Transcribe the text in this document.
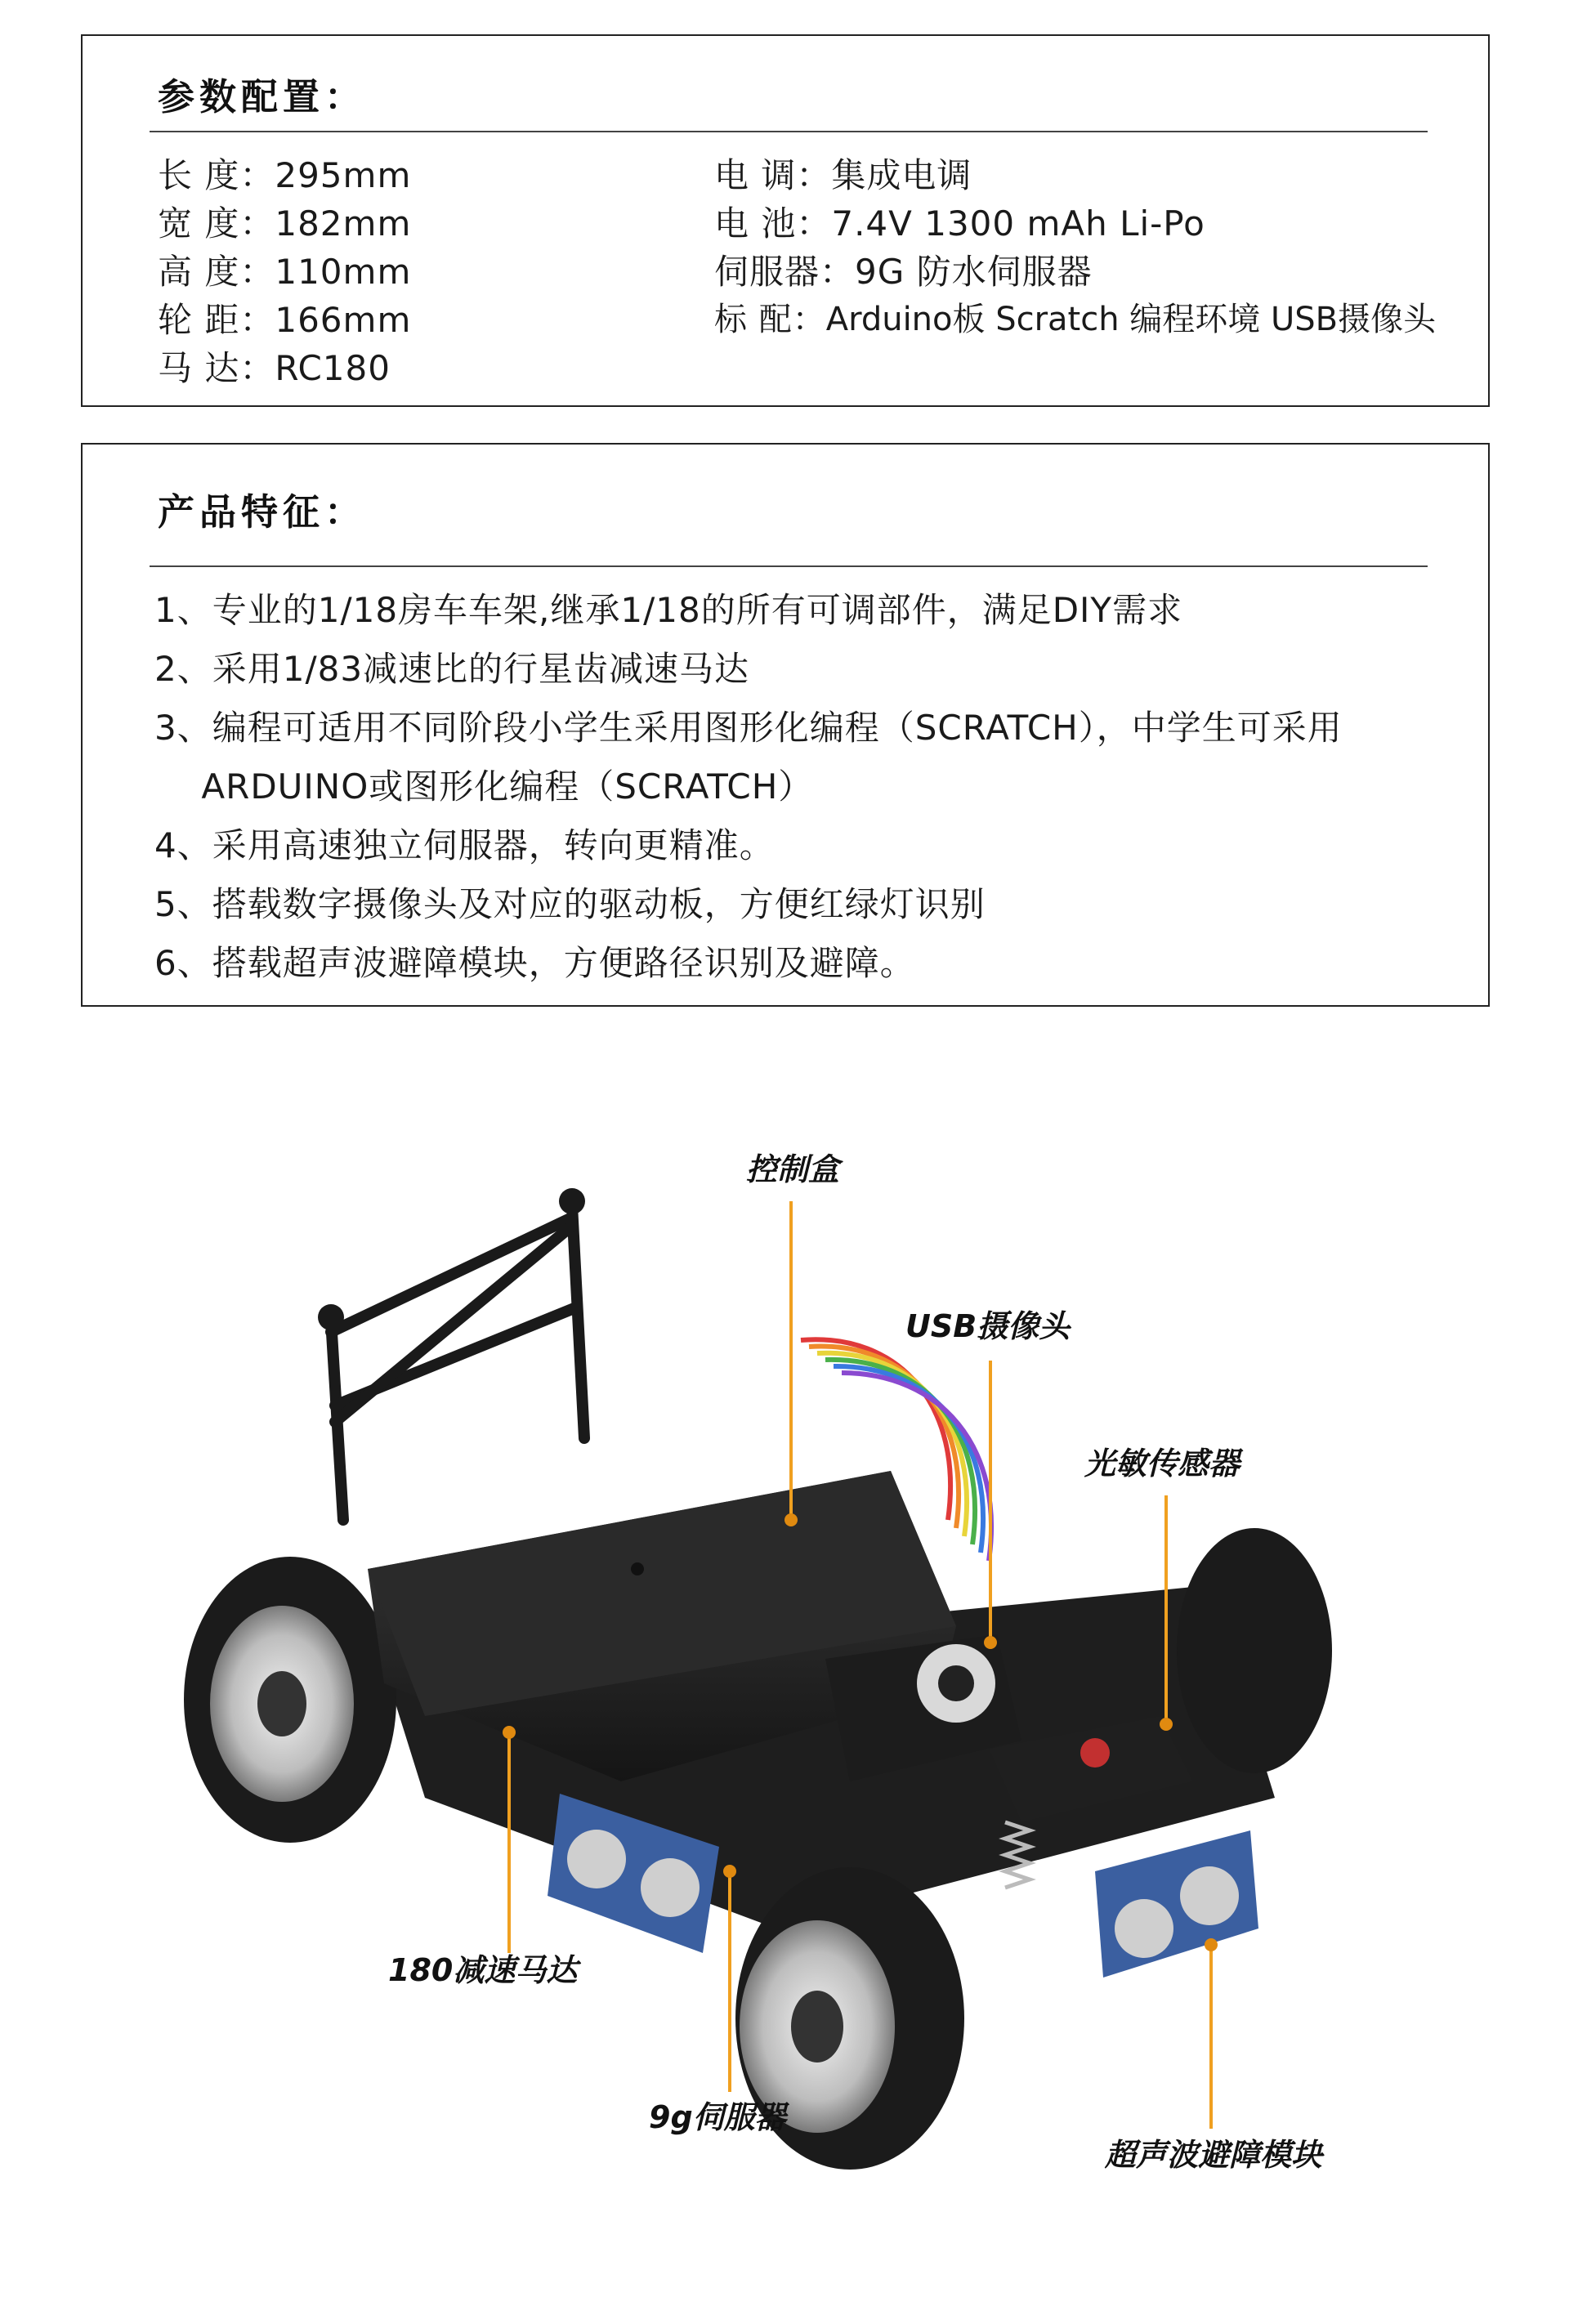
参数配置：
长 度：295mm
宽 度：182mm
高 度：110mm
轮 距：166mm
马 达：RC180
电 调：集成电调
电 池：7.4V 1300 mAh Li-Po
伺服器：9G 防水伺服器
标 配：Arduino板 Scratch 编程环境 USB摄像头
产品特征：
1、专业的1/18房车车架,继承1/18的所有可调部件，满足DIY需求
2、采用1/83减速比的行星齿减速马达
3、编程可适用不同阶段小学生采用图形化编程（SCRATCH），中学生可采用
ARDUINO或图形化编程（SCRATCH）
4、采用高速独立伺服器，转向更精准。
5、搭载数字摄像头及对应的驱动板，方便红绿灯识别
6、搭载超声波避障模块，方便路径识别及避障。
控制盒
USB摄像头
光敏传感器
180减速马达
9g伺服器
超声波避障模块
